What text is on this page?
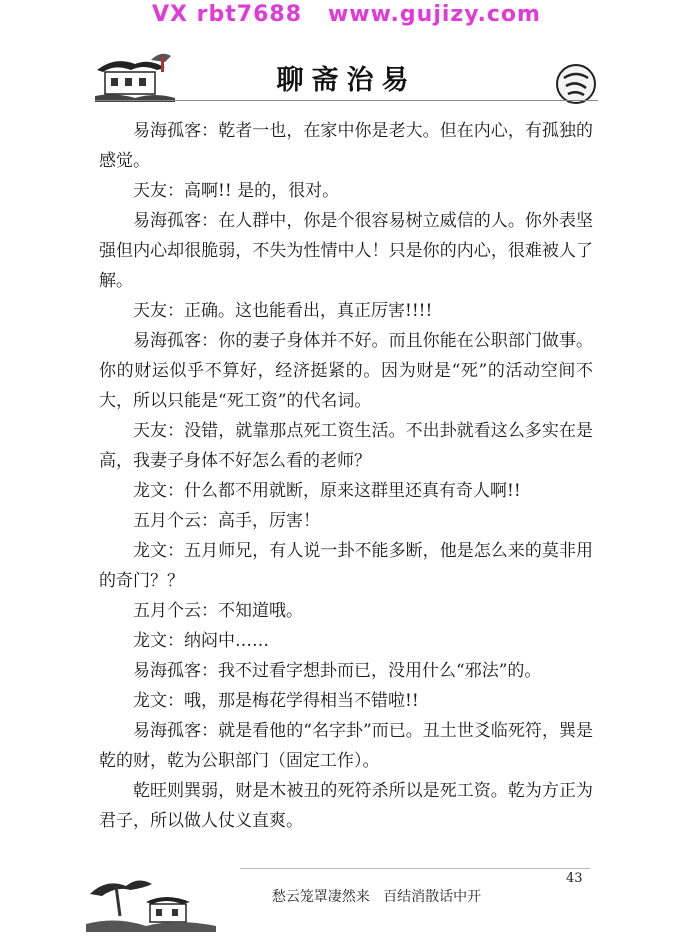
VX rbt7688   www.gujizy.com
聊斋治易

易海孤客：乾者一也，在家中你是老大。但在内心，有孤独的感觉。

天友：高啊!! 是的，很对。

易海孤客：在人群中，你是个很容易树立威信的人。你外表坚强但内心却很脆弱，不失为性情中人！只是你的内心，很难被人了解。

天友：正确。这也能看出，真正厉害!!!!

易海孤客：你的妻子身体并不好。而且你能在公职部门做事。你的财运似乎不算好，经济挺紧的。因为财是“死”的活动空间不大，所以只能是“死工资”的代名词。

天友：没错，就靠那点死工资生活。不出卦就看这么多实在是高，我妻子身体不好怎么看的老师？

龙文：什么都不用就断，原来这群里还真有奇人啊!!

五月个云：高手，厉害！

龙文：五月师兄，有人说一卦不能多断，他是怎么来的莫非用的奇门？？

五月个云：不知道哦。

龙文：纳闷中……

易海孤客：我不过看字想卦而已，没用什么“邪法”的。

龙文：哦，那是梅花学得相当不错啦!!

易海孤客：就是看他的“名字卦”而已。丑土世爻临死符，巽是乾的财，乾为公职部门（固定工作）。

乾旺则巽弱，财是木被丑的死符杀所以是死工资。乾为方正为君子，所以做人仗义直爽。

43
愁云笼罩凄然来   百结消散话中开
